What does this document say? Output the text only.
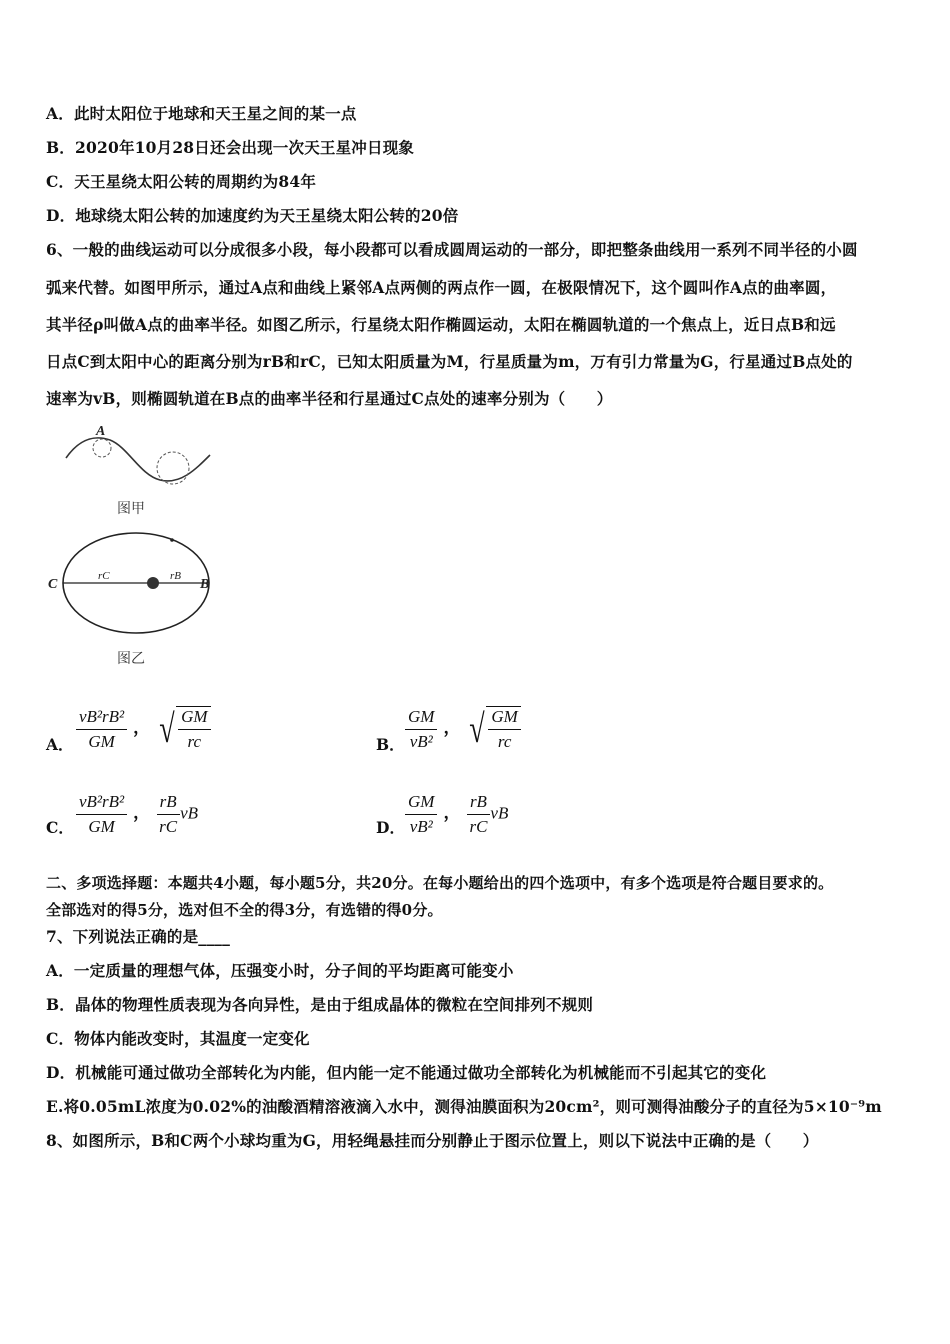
A．此时太阳位于地球和天王星之间的某一点
B．2020年10月28日还会出现一次天王星冲日现象
C．天王星绕太阳公转的周期约为84年
D．地球绕太阳公转的加速度约为天王星绕太阳公转的20倍
6、一般的曲线运动可以分成很多小段，每小段都可以看成圆周运动的一部分，即把整条曲线用一系列不同半径的小圆
弧来代替。如图甲所示，通过A点和曲线上紧邻A点两侧的两点作一圆，在极限情况下，这个圆叫作A点的曲率圆，
其半径ρ叫做A点的曲率半径。如图乙所示，行星绕太阳作椭圆运动，太阳在椭圆轨道的一个焦点上，近日点B和远
日点C到太阳中心的距离分别为rB和rC，已知太阳质量为M，行星质量为m，万有引力常量为G，行星通过B点处的
速率为vB，则椭圆轨道在B点的曲率半径和行星通过C点处的速率分别为（　　）
A
图甲
C	B
rC	rB
图乙
A． $\frac{\text{vB²rB²}}{GM}$ ， √ $\frac{GM}{rc}$	B． $\frac{GM}{\text{vB²}}$ ， √ $\frac{GM}{rc}$
C． $\frac{\text{vB²rB²}}{GM}$ ， $\frac{rB}{rC}$ vB
D． $\frac{GM}{\text{vB²}}$ ， $\frac{rB}{rC}$ vB
二、多项选择题：本题共4小题，每小题5分，共20分。在每小题给出的四个选项中，有多个选项是符合题目要求的。
全部选对的得5分，选对但不全的得3分，有选错的得0分。
7、下列说法正确的是____
A．一定质量的理想气体，压强变小时，分子间的平均距离可能变小
B．晶体的物理性质表现为各向异性，是由于组成晶体的微粒在空间排列不规则
C．物体内能改变时，其温度一定变化
D．机械能可通过做功全部转化为内能，但内能一定不能通过做功全部转化为机械能而不引起其它的变化
E.将0.05mL浓度为0.02%的油酸酒精溶液滴入水中，测得油膜面积为20cm²，则可测得油酸分子的直径为5×10⁻⁹m
8、如图所示，B和C两个小球均重为G，用轻绳悬挂而分别静止于图示位置上，则以下说法中正确的是（　　）
